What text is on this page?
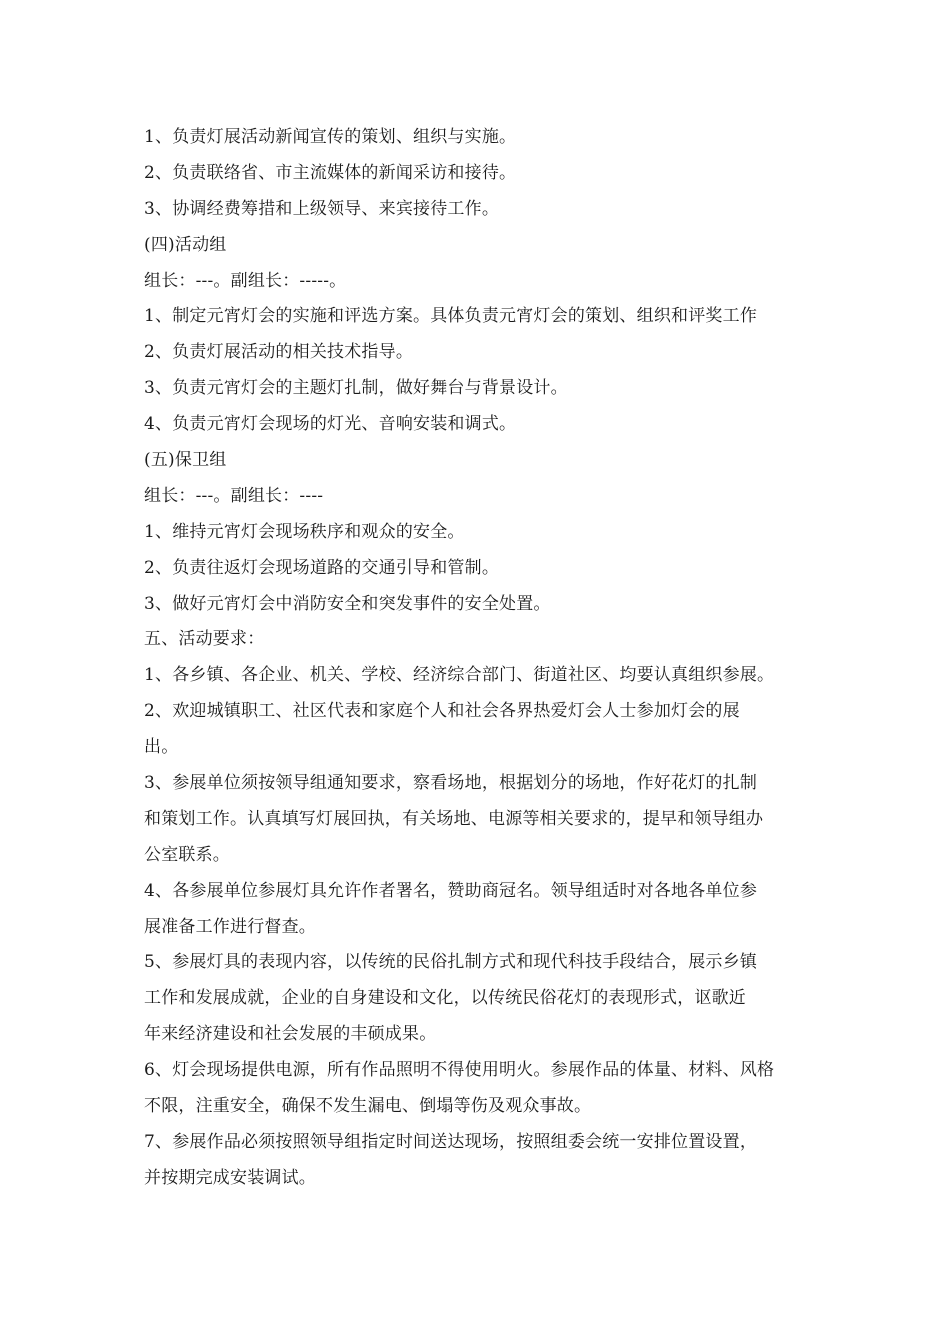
1、负责灯展活动新闻宣传的策划、组织与实施。
2、负责联络省、市主流媒体的新闻采访和接待。
3、协调经费筹措和上级领导、来宾接待工作。
(四)活动组
组长：---。副组长：-----。
1、制定元宵灯会的实施和评选方案。具体负责元宵灯会的策划、组织和评奖工作
2、负责灯展活动的相关技术指导。
3、负责元宵灯会的主题灯扎制，做好舞台与背景设计。
4、负责元宵灯会现场的灯光、音响安装和调式。
(五)保卫组
组长：---。副组长：----
1、维持元宵灯会现场秩序和观众的安全。
2、负责往返灯会现场道路的交通引导和管制。
3、做好元宵灯会中消防安全和突发事件的安全处置。
五、活动要求：
1、各乡镇、各企业、机关、学校、经济综合部门、街道社区、均要认真组织参展。
2、欢迎城镇职工、社区代表和家庭个人和社会各界热爱灯会人士参加灯会的展
出。
3、参展单位须按领导组通知要求，察看场地，根据划分的场地，作好花灯的扎制
和策划工作。认真填写灯展回执，有关场地、电源等相关要求的，提早和领导组办
公室联系。
4、各参展单位参展灯具允许作者署名，赞助商冠名。领导组适时对各地各单位参
展准备工作进行督查。
5、参展灯具的表现内容，以传统的民俗扎制方式和现代科技手段结合，展示乡镇
工作和发展成就，企业的自身建设和文化，以传统民俗花灯的表现形式，讴歌近
年来经济建设和社会发展的丰硕成果。
6、灯会现场提供电源，所有作品照明不得使用明火。参展作品的体量、材料、风格
不限，注重安全，确保不发生漏电、倒塌等伤及观众事故。
7、参展作品必须按照领导组指定时间送达现场，按照组委会统一安排位置设置，
并按期完成安装调试。
